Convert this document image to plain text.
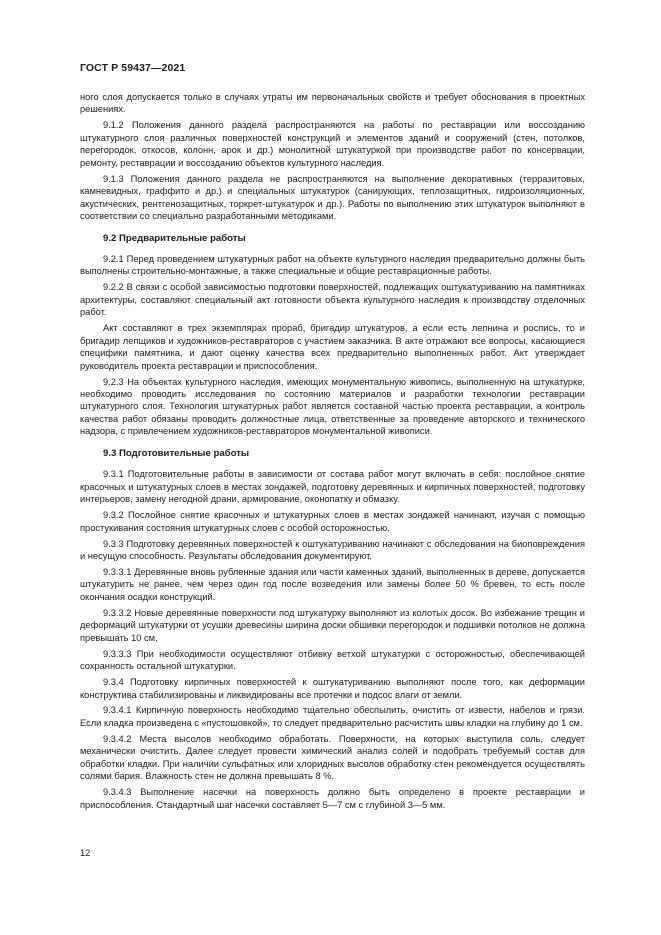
ГОСТ Р 59437—2021

ного слоя допускается только в случаях утраты им первоначальных свойств и требует обоснования в проектных решениях.

9.1.2 Положения данного раздела распространяются на работы по реставрации или воссозданию штукатурного слоя различных поверхностей конструкций и элементов зданий и сооружений (стен, потолков, перегородок, откосов, колонн, арок и др.) монолитной штукатуркой при производстве работ по консервации, ремонту, реставрации и воссозданию объектов культурного наследия.

9.1.3 Положения данного раздела не распространяются на выполнение декоративных (терразитовых, камневидных, граффито и др.) и специальных штукатурок (санирующих, теплозащитных, гидроизоляционных, акустических, рентгенозащитных, торкрет-штукатурок и др.). Работы по выполнению этих штукатурок выполняют в соответствии со специально разработанными методиками.

9.2 Предварительные работы

9.2.1 Перед проведением штукатурных работ на объекте культурного наследия предварительно должны быть выполнены строительно-монтажные, а также специальные и общие реставрационные работы.

9.2.2 В связи с особой зависимостью подготовки поверхностей, подлежащих оштукатуриванию на памятниках архитектуры, составляют специальный акт готовности объекта культурного наследия к производству отделочных работ.

Акт составляют в трех экземплярах прораб, бригадир штукатуров, а если есть лепнина и роспись, то и бригадир лепщиков и художников-реставраторов с участием заказчика. В акте отражают все вопросы, касающиеся специфики памятника, и дают оценку качества всех предварительно выполненных работ. Акт утверждает руководитель проекта реставрации и приспособления.

9.2.3 На объектах культурного наследия, имеющих монументальную живопись, выполненную на штукатурке, необходимо проводить исследования по состоянию материалов и разработки технологии реставрации штукатурного слоя. Технология штукатурных работ является составной частью проекта реставрации, а контроль качества работ обязаны проводить должностные лица, ответственные за проведение авторского и технического надзора, с привлечением художников-реставраторов монументальной живописи.

9.3 Подготовительные работы

9.3.1 Подготовительные работы в зависимости от состава работ могут включать в себя: послойное снятие красочных и штукатурных слоев в местах зондажей, подготовку деревянных и кирпичных поверхностей, подготовку интерьеров, замену негодной драни, армирование, оконопатку и обмазку.

9.3.2 Послойное снятие красочных и штукатурных слоев в местах зондажей начинают, изучая с помощью простукивания состояния штукатурных слоев с особой осторожностью.

9.3.3 Подготовку деревянных поверхностей к оштукатуриванию начинают с обследования на биоповреждения и несущую способность. Результаты обследования документируют.

9.3.3.1 Деревянные вновь рубленные здания или части каменных зданий, выполненных в дереве, допускается штукатурить не ранее, чем через один год после возведения или замены более 50 % бревен, то есть после окончания осадки конструкций.

9.3.3.2 Новые деревянные поверхности под штукатурку выполняют из колотых досок. Во избежание трещин и деформаций штукатурки от усушки древесины ширина доски обшивки перегородок и подшивки потолков не должна превышать 10 см.

9.3.3.3 При необходимости осуществляют отбивку ветхой штукатурки с осторожностью, обеспечивающей сохранность остальной штукатурки.

9.3.4 Подготовку кирпичных поверхностей к оштукатуриванию выполняют после того, как деформации конструктива стабилизированы и ликвидированы все протечки и подсос влаги от земли.

9.3.4.1 Кирпичную поверхность необходимо тщательно обеспылить, очистить от извести, набелов и грязи. Если кладка произведена с «пустошовкой», то следует предварительно расчистить швы кладки на глубину до 1 см.

9.3.4.2 Места высолов необходимо обработать. Поверхности, на которых выступила соль, следует механически очистить. Далее следует провести химический анализ солей и подобрать требуемый состав для обработки кладки. При наличии сульфатных или хлоридных высолов обработку стен рекомендуется осуществлять солями бария. Влажность стен не должна превышать 8 %.

9.3.4.3 Выполнение насечки на поверхность должно быть определено в проекте реставрации и приспособления. Стандартный шаг насечки составляет 5—7 см с глубиной 3—5 мм.

12
